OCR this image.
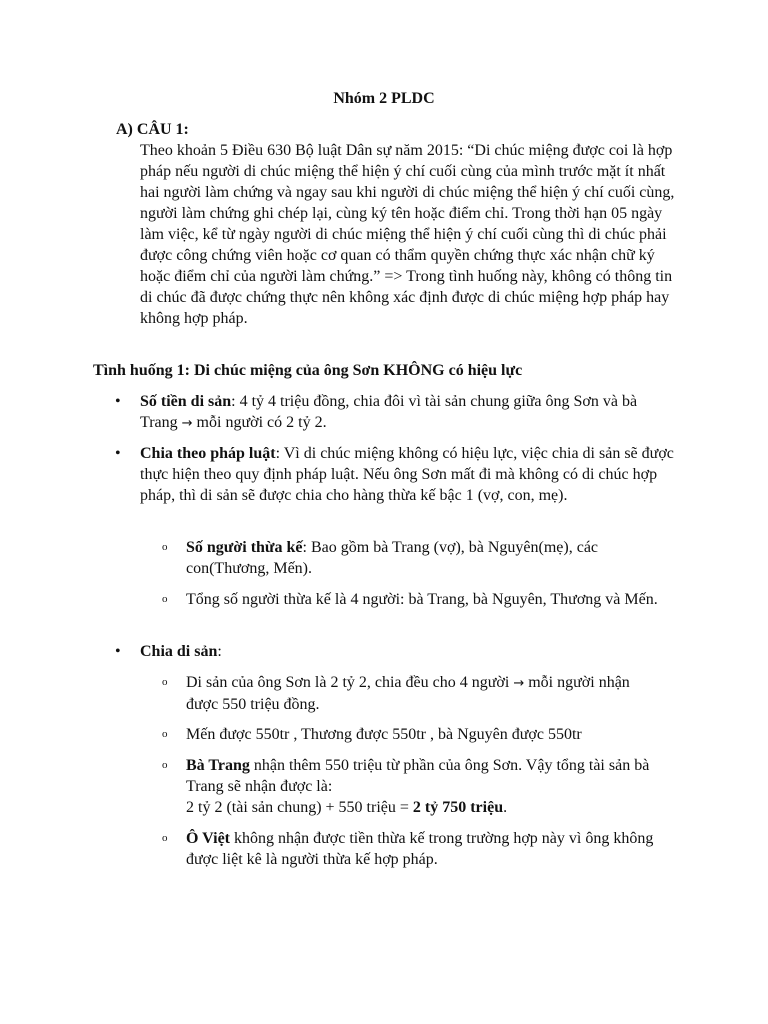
Nhóm 2 PLDC
A) CÂU 1:

Theo khoản 5 Điều 630 Bộ luật Dân sự năm 2015: “Di chúc miệng được coi là hợp pháp nếu người di chúc miệng thể hiện ý chí cuối cùng của mình trước mặt ít nhất hai người làm chứng và ngay sau khi người di chúc miệng thể hiện ý chí cuối cùng, người làm chứng ghi chép lại, cùng ký tên hoặc điểm chỉ. Trong thời hạn 05 ngày làm việc, kể từ ngày người di chúc miệng thể hiện ý chí cuối cùng thì di chúc phải được công chứng viên hoặc cơ quan có thẩm quyền chứng thực xác nhận chữ ký hoặc điểm chỉ của người làm chứng.” => Trong tình huống này, không có thông tin di chúc đã được chứng thực nên không xác định được di chúc miệng hợp pháp hay không hợp pháp.

Tình huống 1: Di chúc miệng của ông Sơn KHÔNG có hiệu lực

• Số tiền di sản: 4 tỷ 4 triệu đồng, chia đôi vì tài sản chung giữa ông Sơn và bà Trang → mỗi người có 2 tỷ 2.
• Chia theo pháp luật: Vì di chúc miệng không có hiệu lực, việc chia di sản sẽ được thực hiện theo quy định pháp luật. Nếu ông Sơn mất đi mà không có di chúc hợp pháp, thì di sản sẽ được chia cho hàng thừa kế bậc 1 (vợ, con, mẹ).
o Số người thừa kế: Bao gồm bà Trang (vợ), bà Nguyên(mẹ), các con(Thương, Mến).
o Tổng số người thừa kế là 4 người: bà Trang, bà Nguyên, Thương và Mến.
• Chia di sản:
o Di sản của ông Sơn là 2 tỷ 2, chia đều cho 4 người → mỗi người nhận được 550 triệu đồng.
o Mến được 550tr , Thương được 550tr , bà Nguyên được 550tr
o Bà Trang nhận thêm 550 triệu từ phần của ông Sơn. Vậy tổng tài sản bà Trang sẽ nhận được là:
2 tỷ 2 (tài sản chung) + 550 triệu = 2 tỷ 750 triệu.
o Ô Việt không nhận được tiền thừa kế trong trường hợp này vì ông không được liệt kê là người thừa kế hợp pháp.
